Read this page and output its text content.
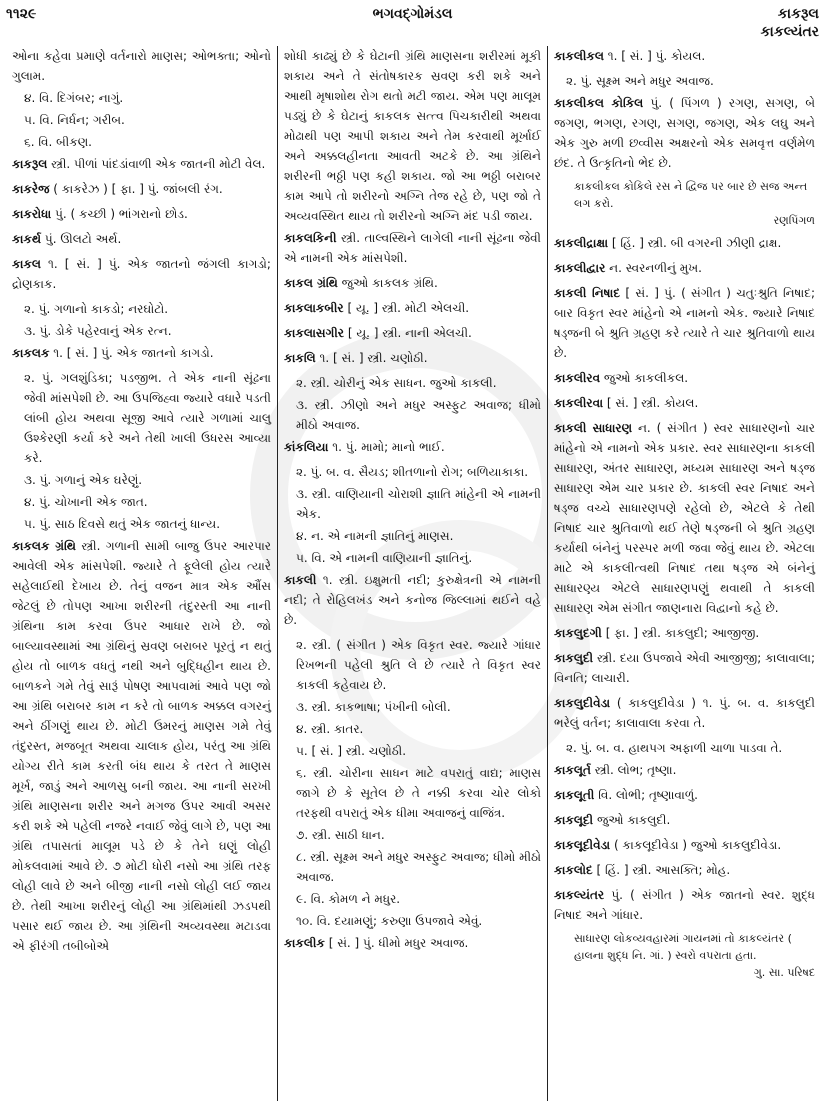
૧૧૨૯	ભગવદ્ગોમંડલ	કાકરૂલ
કાકલ્યંતર
ઓના કહેવા પ્રમાણે વર્તનારો માણસ; ઓભક્તા; ઓનો ગુલામ.
૪. વિ. દિગંબર; નાગું.
૫. વિ. નિર્ધન; ગરીબ.
૬. વિ. બીકણ.
કાકરૂલ સ્ત્રી. પીળાં પાંદડાંવાળી એક જાતની મોટી વેલ.
કાકરેજ ( કાકરેઝ ) [ ફા. ] પું. જાંબલી રંગ.
કાકરોધા પું. ( કચ્છી ) ભાંગરાનો છોડ.
કાકર્થ પું. ઊલટો અર્થ.
કાકલ ૧. [ સં. ] પું. એક જાતનો જંગલી કાગડો; દ્રોણકાક.
૨. પું. ગળાનો કાકડો; નરઘોટો.
૩. પું. ડોકે પહેરવાનું એક રત્ન.
કાકલક ૧. [ સં. ] પું. એક જાતનો કાગડો.
૨. પું. ગલશુંડિકા; પડજીભ. તે એક નાની સૂંઢના જેવી માંસપેશી છે. આ ઉપજિહ્વા જ્યારે વધારે પડતી લાંબી હોય અથવા સૂજી આવે ત્યારે ગળામાં ચાલુ ઉશ્કેરણી કર્યા કરે અને તેથી ખાલી ઉધરસ આવ્યા કરે.
૩. પું. ગળાનું એક ઘરેણું.
૪. પું. ચોખાની એક જાત.
૫. પું. સાઠ દિવસે થતું એક જાતનું ધાન્ય.
કાકલક ગ્રંથિ સ્ત્રી. ગળાની સામી બાજુ ઉપર આરપાર આવેલી એક માંસપેશી. જ્યારે તે ફૂલેલી હોય ત્યારે સહેલાઈથી દેખાય છે. તેનું વજન માત્ર એક ઔંસ જેટલું છે તોપણ આખા શરીરની તંદુરસ્તી આ નાની ગ્રંથિના કામ કરવા ઉપર આધાર રાખે છે. જો બાલ્યાવસ્થામાં આ ગ્રંથિનું સ્રવણ બરાબર પૂરતું ન થતું હોય તો બાળક વધતું નથી અને બુદ્ધિહીન થાય છે. બાળકને ગમે તેવું સારૂં પોષણ આપવામાં આવે પણ જો આ ગ્રંથિ બરાબર કામ ન કરે તો બાળક અક્કલ વગરનું અને ઠીંગણું થાય છે. મોટી ઉમરનું માણસ ગમે તેવું તંદુરસ્ત, મજબૂત અથવા ચાલાક હોય, પરંતુ આ ગ્રંથિ યોગ્ય રીતે કામ કરતી બંધ થાય કે તરત તે માણસ મૂર્ખ, જાડું અને આળસુ બની જાય. આ નાની સરખી ગ્રંથિ માણસના શરીર અને મગજ ઉપર આવી અસર કરી શકે એ પહેલી નજરે નવાઈ જેવું લાગે છે, પણ આ ગ્રંથિ તપાસતાં માલૂમ પડે છે કે તેને ઘણું લોહી મોકલવામાં આવે છે. ૭ મોટી ધોરી નસો આ ગ્રંથિ તરફ લોહી લાવે છે અને બીજી નાની નસો લોહી લઈ જાય છે. તેથી આખા શરીરનું લોહી આ ગ્રંથિમાંથી ઝડપથી પસાર થઈ જાય છે. આ ગ્રંથિની અવ્યવસ્થા મટાડવા એ ફીરંગી તબીબોએ
શોધી કાઢ્યું છે કે ઘેટાની ગ્રંથિ માણસના શરીરમાં મૂકી શકાય અને તે સંતોષકારક સ્રવણ કરી શકે અને આથી મૃષાશોથ રોગ થતો મટી જાય. એમ પણ માલૂમ પડ્યું છે કે ઘેટાનું કાકલક સત્ત્વ પિચકારીથી અથવા મોઢાથી પણ આપી શકાય અને તેમ કરવાથી મૂર્ખાઈ અને અક્કલહીનતા આવતી અટકે છે. આ ગ્રંથિને શરીરની ભઠ્ઠી પણ કહી શકાય. જો આ ભઠ્ઠી બરાબર કામ આપે તો શરીરનો અગ્નિ તેજ રહે છે, પણ જો તે અવ્યવસ્થિત થાય તો શરીરનો અગ્નિ મંદ પડી જાય.
કાકલકિની સ્ત્રી. તાલ્વસ્થિને લાગેલી નાની સૂંઢના જેવી એ નામની એક માંસપેશી.
કાકલ ગ્રંથિ જુઓ કાકલક ગ્રંથિ.
કાકલાકબીર [ યૂ. ] સ્ત્રી. મોટી એલચી.
કાકલાસગીર [ યૂ. ] સ્ત્રી. નાની એલચી.
કાકલિ ૧. [ સં. ] સ્ત્રી. ચણોઠી.
૨. સ્ત્રી. ચોરીનું એક સાધન. જુઓ કાકલી.
૩. સ્ત્રી. ઝીણો અને મધુર અસ્ફુટ અવાજ; ધીમો મીઠો અવાજ.
કાંકલિયા ૧. પું. મામો; માનો ભાઈ.
૨. પું. બ. વ. સૈયડ; શીતળાનો રોગ; બળિયાકાકા.
૩. સ્ત્રી. વાણિયાની ચોરાશી જ્ઞાતિ માંહેની એ નામની એક.
૪. ન. એ નામની જ્ઞાતિનું માણસ.
૫. વિ. એ નામની વાણિયાની જ્ઞાતિનું.
કાકલી ૧. સ્ત્રી. ઇક્ષુમતી નદી; કુરુક્ષેત્રની એ નામની નદી; તે રોહિલખંડ અને કનોજ જિલ્લામાં થઈને વહે છે.
૨. સ્ત્રી. ( સંગીત ) એક વિકૃત સ્વર. જ્યારે ગાંધાર રિખભની પહેલી શ્રુતિ લે છે ત્યારે તે વિકૃત સ્વર કાકલી કહેવાય છે.
૩. સ્ત્રી. કાકભાષા; પંખીની બોલી.
૪. સ્ત્રી. કાતર.
૫. [ સં. ] સ્ત્રી. ચણોઠી.
૬. સ્ત્રી. ચોરીના સાધન માટે વપરાતું વાદ્ય; માણસ જાગે છે કે સૂતેલ છે તે નક્કી કરવા ચોર લોકો તરફથી વપરાતું એક ધીમા અવાજનું વાજિંત્ર.
૭. સ્ત્રી. સાઠી ધાન.
૮. સ્ત્રી. સૂક્ષ્મ અને મધુર અસ્ફુટ અવાજ; ધીમો મીઠો અવાજ.
૯. વિ. કોમળ ને મધુર.
૧૦. વિ. દયામણું; કરુણા ઉપજાવે એવું.
કાકલીક [ સં. ] પું. ધીમો મધુર અવાજ.
કાકલીકલ ૧. [ સં. ] પું. કોયલ.
૨. પું. સૂક્ષ્મ અને મધુર અવાજ.
કાકલીકલ કોકિલ પું. ( પિંગળ ) રગણ, સગણ, બે જગણ, ભગણ, રગણ, સગણ, જગણ, એક લઘુ અને એક ગુરુ મળી છવ્વીસ અક્ષરનો એક સમવૃત્ત વર્ણમેળ છંદ. તે ઉત્કૃતિનો ભેદ છે.
કાકલીકલ કોકિલે રસ ને દ્વિજ પર બાર છે સજ અન્ત લગ કરો.
રણપિંગળ
કાકલીદ્રાક્ષા [ હિં. ] સ્ત્રી. બી વગરની ઝીણી દ્રાક્ષ.
કાકલીદ્વાર ન. સ્વરનળીનું મુખ.
કાકલી નિષાદ [ સં. ] પું. ( સંગીત ) ચતુઃશ્રુતિ નિષાદ; બાર વિકૃત સ્વર માંહેનો એ નામનો એક. જ્યારે નિષાદ ષડ્જની બે શ્રુતિ ગ્રહણ કરે ત્યારે તે ચાર શ્રુતિવાળો થાય છે.
કાકલીરવ જુઓ કાકલીકલ.
કાકલીરવા [ સં. ] સ્ત્રી. કોયલ.
કાકલી સાધારણ ન. ( સંગીત ) સ્વર સાધારણનો ચાર માંહેનો એ નામનો એક પ્રકાર. સ્વર સાધારણના કાકલી સાધારણ, અંતર સાધારણ, મધ્યમ સાધારણ અને ષડ્જ સાધારણ એમ ચાર પ્રકાર છે. કાકલી સ્વર નિષાદ અને ષડ્જ વચ્ચે સાધારણપણે રહેલો છે, એટલે કે તેથી નિષાદ ચાર શ્રુતિવાળો થઈ તેણે ષડ્જની બે શ્રુતિ ગ્રહણ કર્યાથી બંનેનું પરસ્પર મળી જવા જેવું થાય છે. એટલા માટે એ કાકલીત્વથી નિષાદ તથા ષડ્જ એ બંનેનું સાધારણ્ય એટલે સાધારણપણું થવાથી તે કાકલી સાધારણ એમ સંગીત જાણનારા વિદ્વાનો કહે છે.
કાકલુદગી [ ફા. ] સ્ત્રી. કાકલુદી; આજીજી.
કાકલુદી સ્ત્રી. દયા ઉપજાવે એવી આજીજી; કાલાવાલા; વિનતિ; લાચારી.
કાકલુદીવેડા ( કાકલુદીવેડા ) ૧. પું. બ. વ. કાકલુદી ભરેલું વર્તન; કાલાવાલા કરવા તે.
૨. પું. બ. વ. હાથપગ અફાળી ચાળા પાડવા તે.
કાકલૂર્ત સ્ત્રી. લોભ; તૃષ્ણા.
કાકલૂતી વિ. લોભી; તૃષ્ણાવાળું.
કાકલૂદી જુઓ કાકલુદી.
કાકલૂદીવેડા ( કાકલૂદીવેડા ) જુઓ કાકલુદીવેડા.
કાકલોદ [ હિં. ] સ્ત્રી. આસક્તિ; મોહ.
કાકલ્યંતર પું. ( સંગીત ) એક જાતનો સ્વર. શુદ્ધ નિષાદ અને ગાંધાર.
સાધારણ લોકવ્યવહારમાં ગાયનમાં તો કાકલ્યંતર ( હાલના શુદ્ધ નિ. ગાં. ) સ્વરો વપરાતા હતા.
ગુ. સા. પરિષદ
